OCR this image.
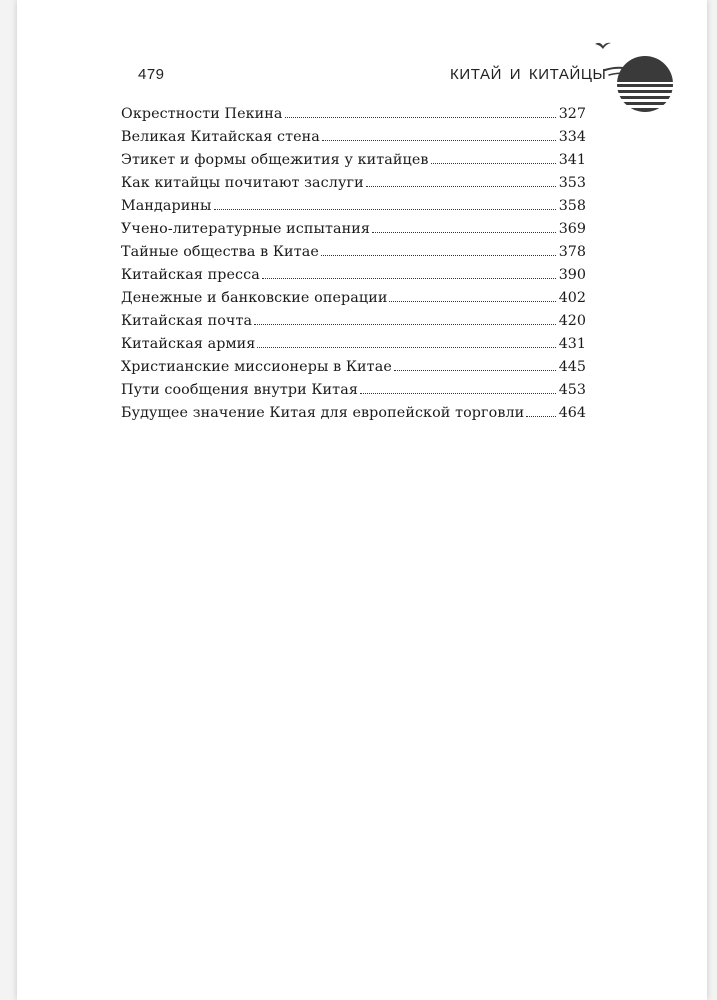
479	КИТАЙ И КИТАЙЦЫ
Окрестности Пекина	327
Великая Китайская стена	334
Этикет и формы общежития у китайцев	341
Как китайцы почитают заслуги	353
Мандарины	358
Учено-литературные испытания	369
Тайные общества в Китае	378
Китайская пресса	390
Денежные и банковские операции	402
Китайская почта	420
Китайская армия	431
Христианские миссионеры в Китае	445
Пути сообщения внутри Китая	453
Будущее значение Китая для европейской торговли 464
